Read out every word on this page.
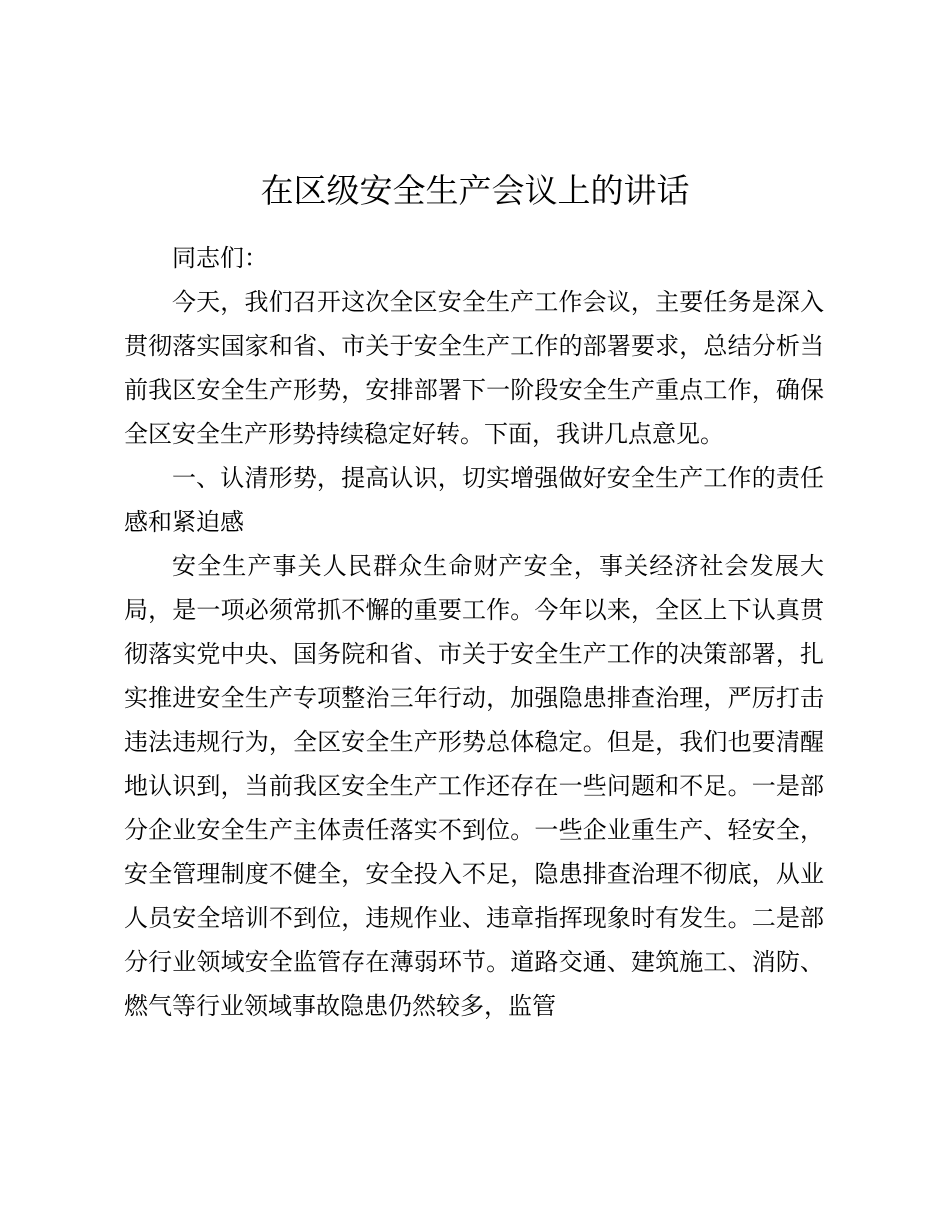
在区级安全生产会议上的讲话

同志们：

今天，我们召开这次全区安全生产工作会议，主要任务是深入贯彻落实国家和省、市关于安全生产工作的部署要求，总结分析当前我区安全生产形势，安排部署下一阶段安全生产重点工作，确保全区安全生产形势持续稳定好转。下面，我讲几点意见。

一、认清形势，提高认识，切实增强做好安全生产工作的责任感和紧迫感

安全生产事关人民群众生命财产安全，事关经济社会发展大局，是一项必须常抓不懈的重要工作。今年以来，全区上下认真贯彻落实党中央、国务院和省、市关于安全生产工作的决策部署，扎实推进安全生产专项整治三年行动，加强隐患排查治理，严厉打击违法违规行为，全区安全生产形势总体稳定。但是，我们也要清醒地认识到，当前我区安全生产工作还存在一些问题和不足。一是部分企业安全生产主体责任落实不到位。一些企业重生产、轻安全，安全管理制度不健全，安全投入不足，隐患排查治理不彻底，从业人员安全培训不到位，违规作业、违章指挥现象时有发生。二是部分行业领域安全监管存在薄弱环节。道路交通、建筑施工、消防、燃气等行业领域事故隐患仍然较多，监管
